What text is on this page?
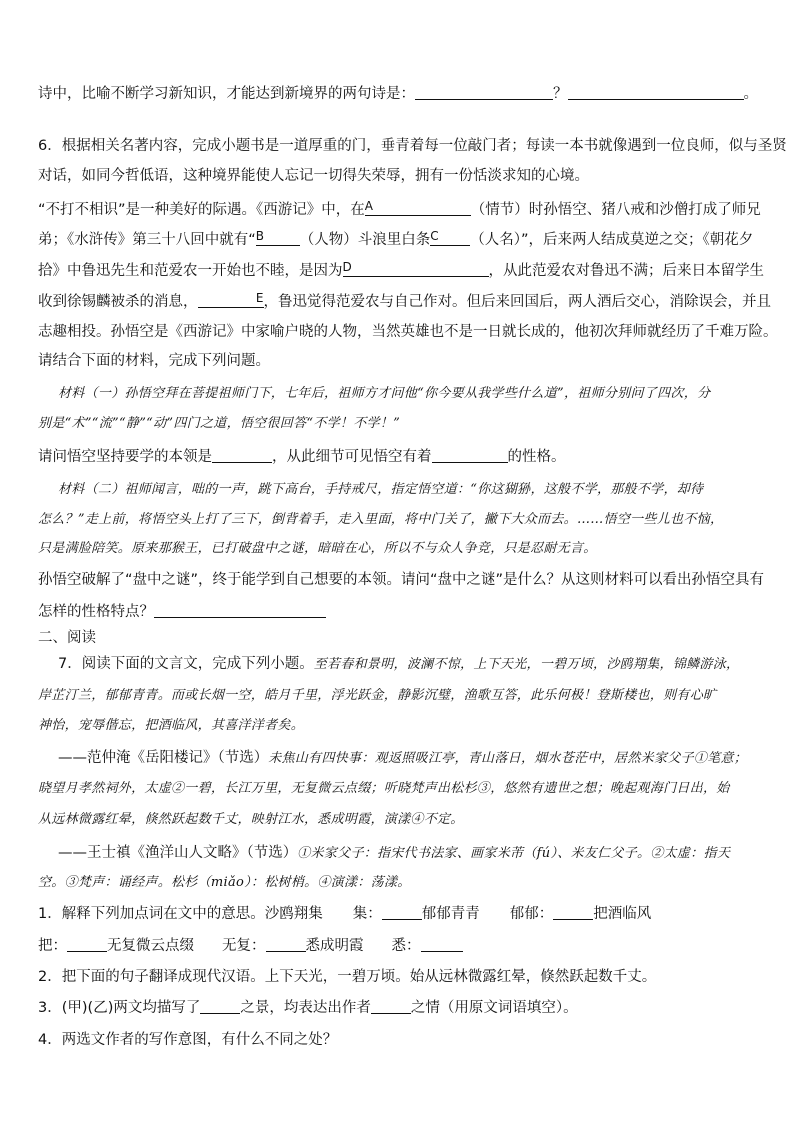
诗中，比喻不断学习新知识，才能达到新境界的两句诗是：	？	。
6．根据相关名著内容，完成小题书是一道厚重的门，垂青着每一位敲门者；每读一本书就像遇到一位良师，似与圣贤
对话，如同今哲低语，这种境界能使人忘记一切得失荣辱，拥有一份恬淡求知的心境。
“不打不相识”是一种美好的际遇。《西游记》中，在 A	（情节）时孙悟空、猪八戒和沙僧打成了师兄
弟；《水浒传》第三十八回中就有“ B （人物）斗浪里白条 C （人名）”，后来两人结成莫逆之交；《朝花夕
拾》中鲁迅先生和范爱农一开始也不睦，是因为 D	，从此范爱农对鲁迅不满；后来日本留学生
收到徐锡麟被杀的消息，	E ，鲁迅觉得范爱农与自己作对。但后来回国后，两人酒后交心，消除误会，并且
志趣相投。孙悟空是《西游记》中家喻户晓的人物，当然英雄也不是一日就长成的，他初次拜师就经历了千难万险。
请结合下面的材料，完成下列问题。
材料（一）孙悟空拜在菩提祖师门下，七年后，祖师方才问他“你今要从我学些什么道”，祖师分别问了四次，分
别是“术”“流”“静”“动”四门之道，悟空很回答“不学！不学！”
请问悟空坚持要学的本领是	，从此细节可见悟空有着	的性格。
材料（二）祖师闻言，咄的一声，跳下高台，手持戒尺，指定悟空道：“你这猢狲，这般不学，那般不学，却待
怎么？”走上前，将悟空头上打了三下，倒背着手，走入里面，将中门关了，撇下大众而去。……悟空一些儿也不恼，
只是满脸陪笑。原来那猴王，已打破盘中之谜，暗暗在心，所以不与众人争竞，只是忍耐无言。
孙悟空破解了“盘中之谜”，终于能学到自己想要的本领。请问“盘中之谜”是什么？从这则材料可以看出孙悟空具有
怎样的性格特点？
二、阅读
7．阅读下面的文言文，完成下列小题。至若春和景明，波澜不惊，上下天光，一碧万顷，沙鸥翔集，锦鳞游泳，
岸芷汀兰，郁郁青青。而或长烟一空，皓月千里，浮光跃金，静影沉璧，渔歌互答，此乐何极！登斯楼也，则有心旷
神怡，宠辱偕忘，把酒临风，其喜洋洋者矣。
——范仲淹《岳阳楼记》（节选）未焦山有四快事：观返照吸江亭，青山落日，烟水苍茫中，居然米家父子①笔意；
晓望月孝然祠外，太虚②一碧，长江万里，无复微云点缀；听晓梵声出松杉③，悠然有遗世之想；晚起观海门日出，始
从远林微露红晕，倏然跃起数千丈，映射江水，悉成明霞，演漾④不定。
——王士禛《渔洋山人文略》（节选）①米家父子：指宋代书法家、画家米芾（fú）、米友仁父子。②太虚：指天
空。③梵声：诵经声。松杉（miǎo）：松树梢。④演漾：荡漾。
1．解释下列加点词在文中的意思。沙鸥翔集 集：	郁郁青青 郁郁：	把酒临风
把：	无复微云点缀 无复：	悉成明霞 悉：
2．把下面的句子翻译成现代汉语。上下天光，一碧万顷。始从远林微露红晕，倏然跃起数千丈。
3．(甲)(乙)两文均描写了	之景，均表达出作者	之情（用原文词语填空）。
4．两选文作者的写作意图，有什么不同之处？
